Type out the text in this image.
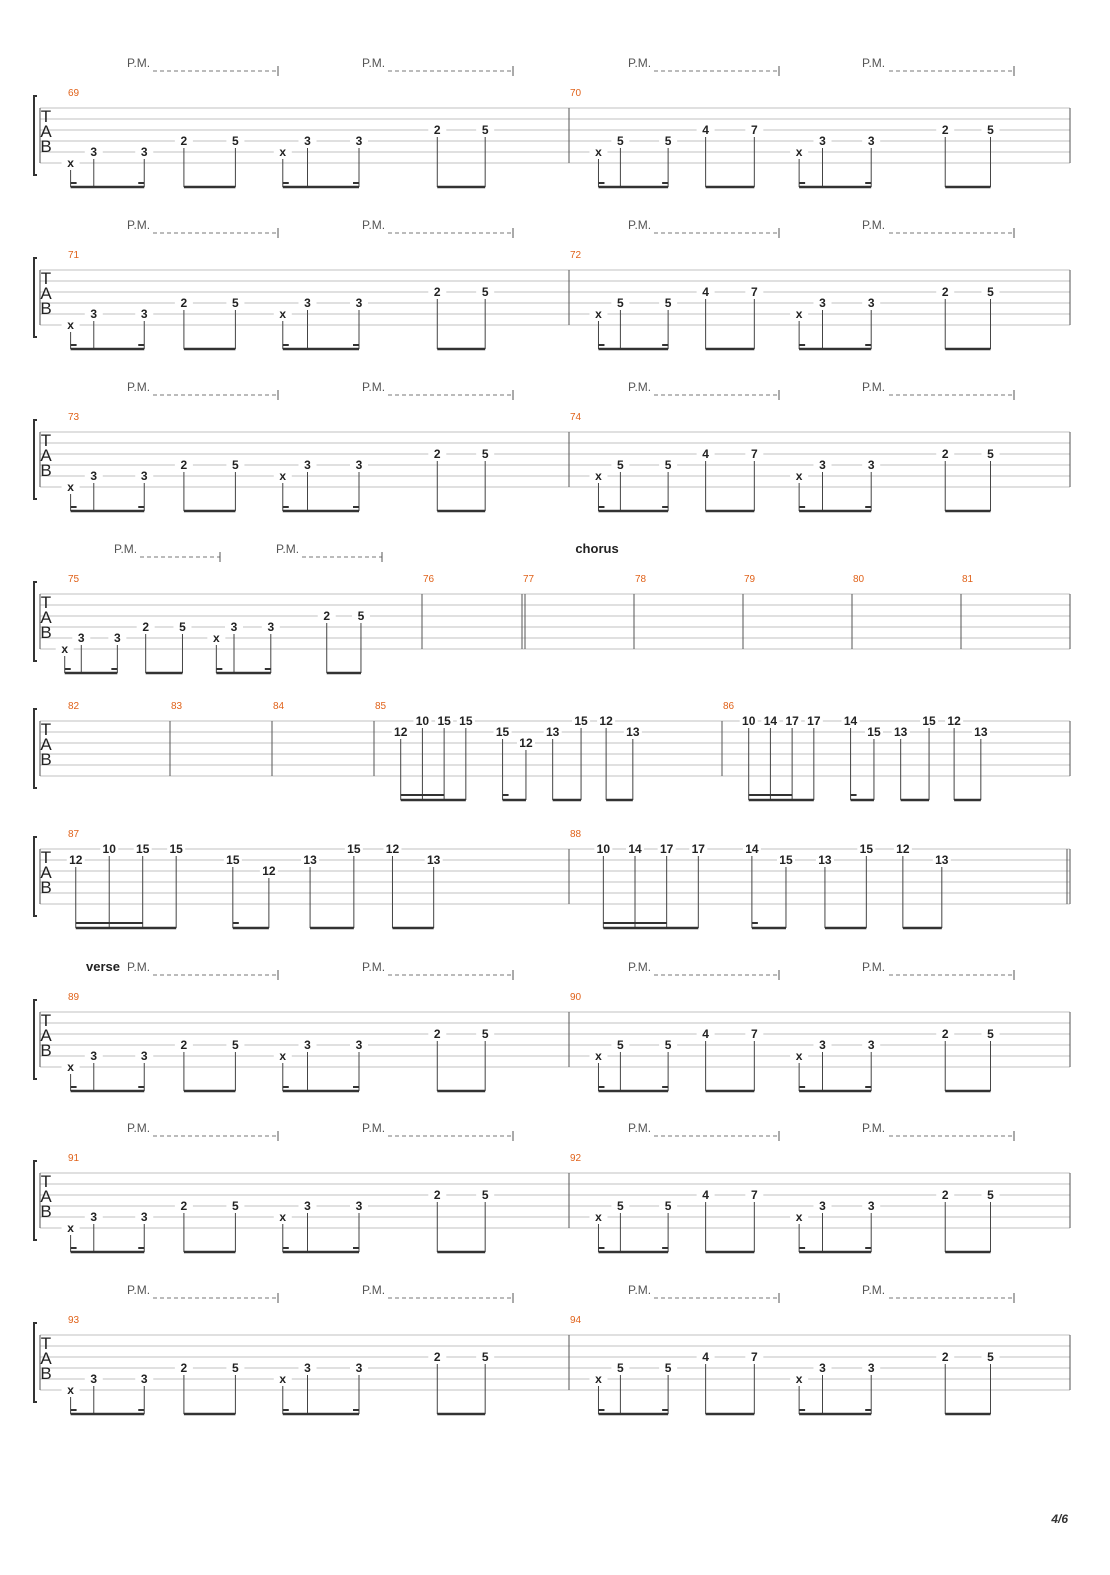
T
A
B
P.M.	P.M.	P.M.	P.M.
69
x
3	3
2	5
x
3	3
2	5
70
x
5	5
4	7
x
3	3
2	5
T
A
B
P.M.	P.M.	P.M.	P.M.
71
x
3	3
2	5
x
3	3
2	5
72
x
5	5
4	7
x
3	3
2	5
T
A
B
P.M.	P.M.	P.M.	P.M.
73
x
3	3
2	5
x
3	3
2	5
74
x
5	5
4	7
x
3	3
2	5
T
A
B
chorus
P.M.	P.M.
75
x
3 3
2	5
x
3	3
2 5
76	77	78	79	80	81
T
A
B
82	83	84	85
12
10 15 15
15
12
13
15 12
13
86
10 14 17 17 14
15 13
15 12
13
T
A
B
87
12
10 15 15
15
12
13
15 12
13
88
10 14 17 17	14
15 13
15 12
13
T
A
B
verse P.M.	P.M.	P.M.	P.M.
89
x
3	3
2	5
x
3	3
2	5
90
x
5	5
4	7
x
3	3
2	5
T
A
B
P.M.	P.M.	P.M.	P.M.
91
x
3	3
2	5
x
3	3
2	5
92
x
5	5
4	7
x
3	3
2	5
T
A
B
P.M.	P.M.	P.M.	P.M.
93
x
3	3
2	5
x
3	3
2	5
94
x
5	5
4	7
x
3	3
2	5
4/6
